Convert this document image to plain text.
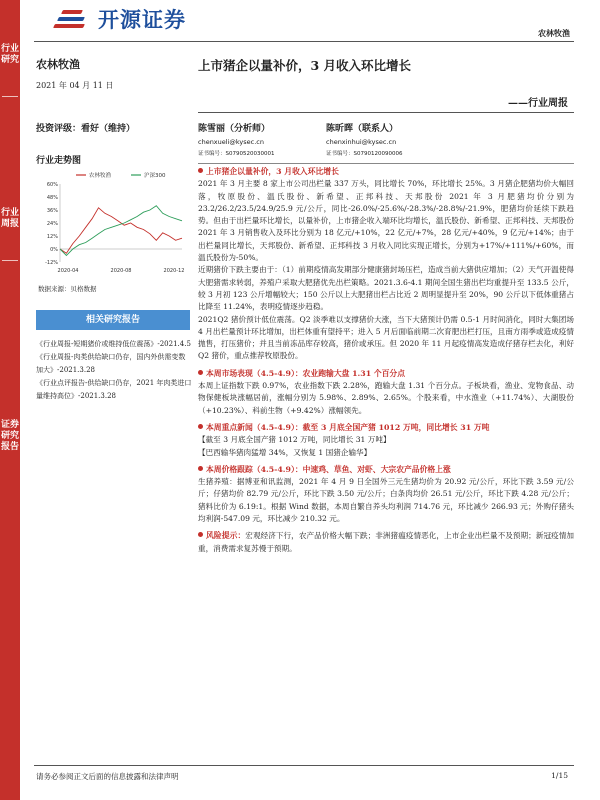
行业研究
行业周报
证券研究报告
开源证券
农林牧渔
农林牧渔
2021 年 04 月 11 日
投资评级：看好（维持）
行业走势图
60%
48%
36%
24%
12%
0%
-12%
2020-04	2020-08	2020-12
农林牧渔	沪深300
数据来源：贝格数据
相关研究报告
《行业周报-短期猪价或维持低位震荡》-2021.4.5
《行业周报-肉类供给缺口仍存，国内外供需变数加大》-2021.3.28
《行业点评报告-供给缺口仍存，2021 年肉类进口量维持高位》-2021.3.28
上市猪企以量补价，3 月收入环比增长
——行业周报
陈雪丽（分析师）
chenxueli@kysec.cn
证书编号：S0790520030001
陈昕晖（联系人）
chenxinhui@kysec.cn
证书编号：S0790120090006
上市猪企以量补价，3 月收入环比增长
2021 年 3 月主要 8 家上市公司出栏量 337 万头，同比增长 70%，环比增长 25%。3 月猪企肥猪均价大幅回落，牧原股份、温氏股份、新希望、正邦科技、天邦股份 2021 年 3 月肥猪均价分别为 23.2/26.2/23.5/24.9/25.9 元/公斤，同比-26.0%/-25.6%/-28.3%/-28.8%/-21.9%，肥猪均价延续下跌趋势。但由于出栏量环比增长，以量补价，上市猪企收入端环比均增长，温氏股份、新希望、正邦科技、天邦股份 2021 年 3 月销售收入及环比分别为 18 亿元/+10%，22 亿元/+7%，28 亿元/+40%，9 亿元/+14%；由于出栏量同比增长，天邦股份、新希望、正邦科技 3 月收入同比实现正增长，分别为+17%/+111%/+60%，而温氏股份为-50%。
近期猪价下跌主要由于：（1）前期疫情高发期部分健康猪封场压栏，造成当前大猪供应增加；（2）天气开温使得大肥猪需求转弱，养殖户采取大肥猪优先出栏策略。2021.3.6-4.1 期间全国生猪出栏均重提升至 133.5 公斤，较 3 月初 123 公斤增幅较大；150 公斤以上大肥猪出栏占比近 2 周明显提升至 20%，90 公斤以下低体重猪占比降至 11.24%，表明疫情逐步趋稳。
2021Q2 猪价预计低位震荡。Q2 淡季难以支撑猪价大涨，当下大猪预计仍需 0.5-1 月时间消化，同时大集团场 4 月出栏量预计环比增加，出栏体重有望持平；进入 5 月后面临前期二次育肥出栏打压，且南方雨季或造成疫情抛售，打压猪价；并且当前冻品库存较高，猪价或承压。但 2020 年 11 月起疫情高发造成仔猪存栏去化，利好 Q2 猪价，重点推荐牧原股份。
本周市场表现（4.5-4.9）：农业跑输大盘 1.31 个百分点
本周上证指数下跌 0.97%，农业指数下跌 2.28%，跑输大盘 1.31 个百分点。子板块看，渔业、宠物食品、动物保健板块涨幅居前，涨幅分别为 5.98%、2.89%、2.65%。个股来看，中水渔业（+11.74%）、大湖股份（+10.23%）、科前生物（+9.42%）涨幅领先。
本周重点新闻（4.5-4.9）：截至 3 月底全国产猪 1012 万吨，同比增长 31 万吨
【截至 3 月底全国产猪 1012 万吨，同比增长 31 万吨】
【巴西输华猪肉猛增 34%，又恢复 1 国猪企输华】
本周价格跟踪（4.5-4.9）：中速鸡、草鱼、对虾、大宗农产品价格上涨
生猪养殖：据博亚和讯监测，2021 年 4 月 9 日全国外三元生猪均价为 20.92 元/公斤，环比下跌 3.59 元/公斤；仔猪均价 82.79 元/公斤，环比下跌 3.50 元/公斤；白条肉均价 26.51 元/公斤，环比下跌 4.28 元/公斤；猪料比价为 6.19:1。根据 Wind 数据，本周自繁自养头均利润 714.76 元，环比减少 266.93 元；外购仔猪头均利润-547.09 元，环比减少 210.32 元。
风险提示：宏观经济下行，农产品价格大幅下跌；非洲猪瘟疫情恶化，上市企业出栏量不及预期；新冠疫情加重，消费需求复苏慢于预期。
请务必参阅正文后面的信息披露和法律声明	1/15
